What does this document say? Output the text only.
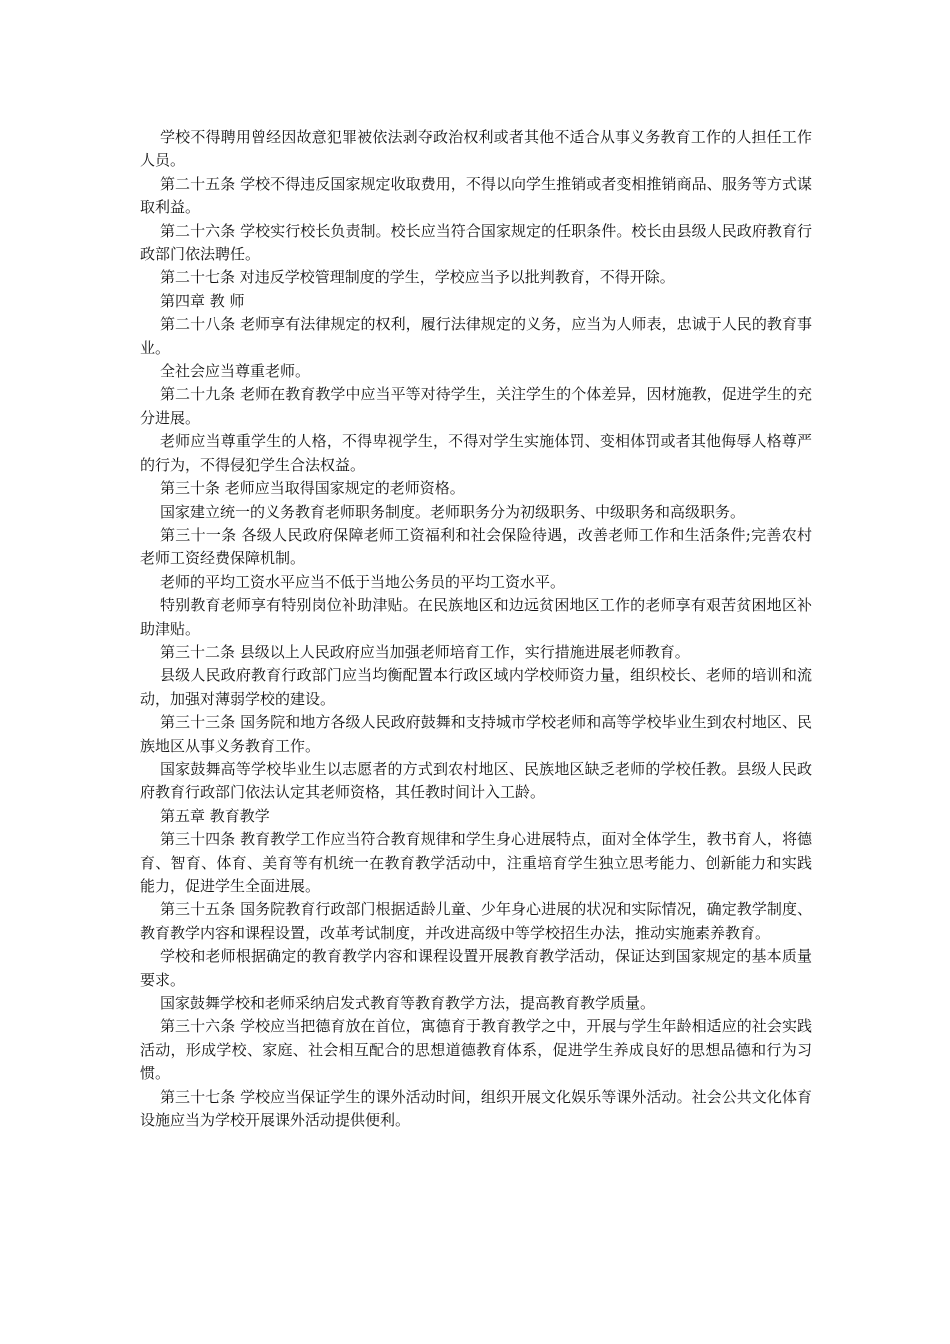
学校不得聘用曾经因故意犯罪被依法剥夺政治权利或者其他不适合从事义务教育工作的人担任工作人员。

第二十五条 学校不得违反国家规定收取费用，不得以向学生推销或者变相推销商品、服务等方式谋取利益。

第二十六条 学校实行校长负责制。校长应当符合国家规定的任职条件。校长由县级人民政府教育行政部门依法聘任。

第二十七条 对违反学校管理制度的学生，学校应当予以批判教育，不得开除。

第四章 教 师

第二十八条 老师享有法律规定的权利，履行法律规定的义务，应当为人师表，忠诚于人民的教育事业。

全社会应当尊重老师。

第二十九条 老师在教育教学中应当平等对待学生，关注学生的个体差异，因材施教，促进学生的充分进展。

老师应当尊重学生的人格，不得卑视学生，不得对学生实施体罚、变相体罚或者其他侮辱人格尊严的行为，不得侵犯学生合法权益。

第三十条 老师应当取得国家规定的老师资格。

国家建立统一的义务教育老师职务制度。老师职务分为初级职务、中级职务和高级职务。

第三十一条 各级人民政府保障老师工资福利和社会保险待遇，改善老师工作和生活条件;完善农村老师工资经费保障机制。

老师的平均工资水平应当不低于当地公务员的平均工资水平。

特别教育老师享有特别岗位补助津贴。在民族地区和边远贫困地区工作的老师享有艰苦贫困地区补助津贴。

第三十二条 县级以上人民政府应当加强老师培育工作，实行措施进展老师教育。

县级人民政府教育行政部门应当均衡配置本行政区域内学校师资力量，组织校长、老师的培训和流动，加强对薄弱学校的建设。

第三十三条 国务院和地方各级人民政府鼓舞和支持城市学校老师和高等学校毕业生到农村地区、民族地区从事义务教育工作。

国家鼓舞高等学校毕业生以志愿者的方式到农村地区、民族地区缺乏老师的学校任教。县级人民政府教育行政部门依法认定其老师资格，其任教时间计入工龄。

第五章 教育教学

第三十四条 教育教学工作应当符合教育规律和学生身心进展特点，面对全体学生，教书育人，将德育、智育、体育、美育等有机统一在教育教学活动中，注重培育学生独立思考能力、创新能力和实践能力，促进学生全面进展。

第三十五条 国务院教育行政部门根据适龄儿童、少年身心进展的状况和实际情况，确定教学制度、教育教学内容和课程设置，改革考试制度，并改进高级中等学校招生办法，推动实施素养教育。

学校和老师根据确定的教育教学内容和课程设置开展教育教学活动，保证达到国家规定的基本质量要求。

国家鼓舞学校和老师采纳启发式教育等教育教学方法，提高教育教学质量。

第三十六条 学校应当把德育放在首位，寓德育于教育教学之中，开展与学生年龄相适应的社会实践活动，形成学校、家庭、社会相互配合的思想道德教育体系，促进学生养成良好的思想品德和行为习惯。

第三十七条 学校应当保证学生的课外活动时间，组织开展文化娱乐等课外活动。社会公共文化体育设施应当为学校开展课外活动提供便利。
